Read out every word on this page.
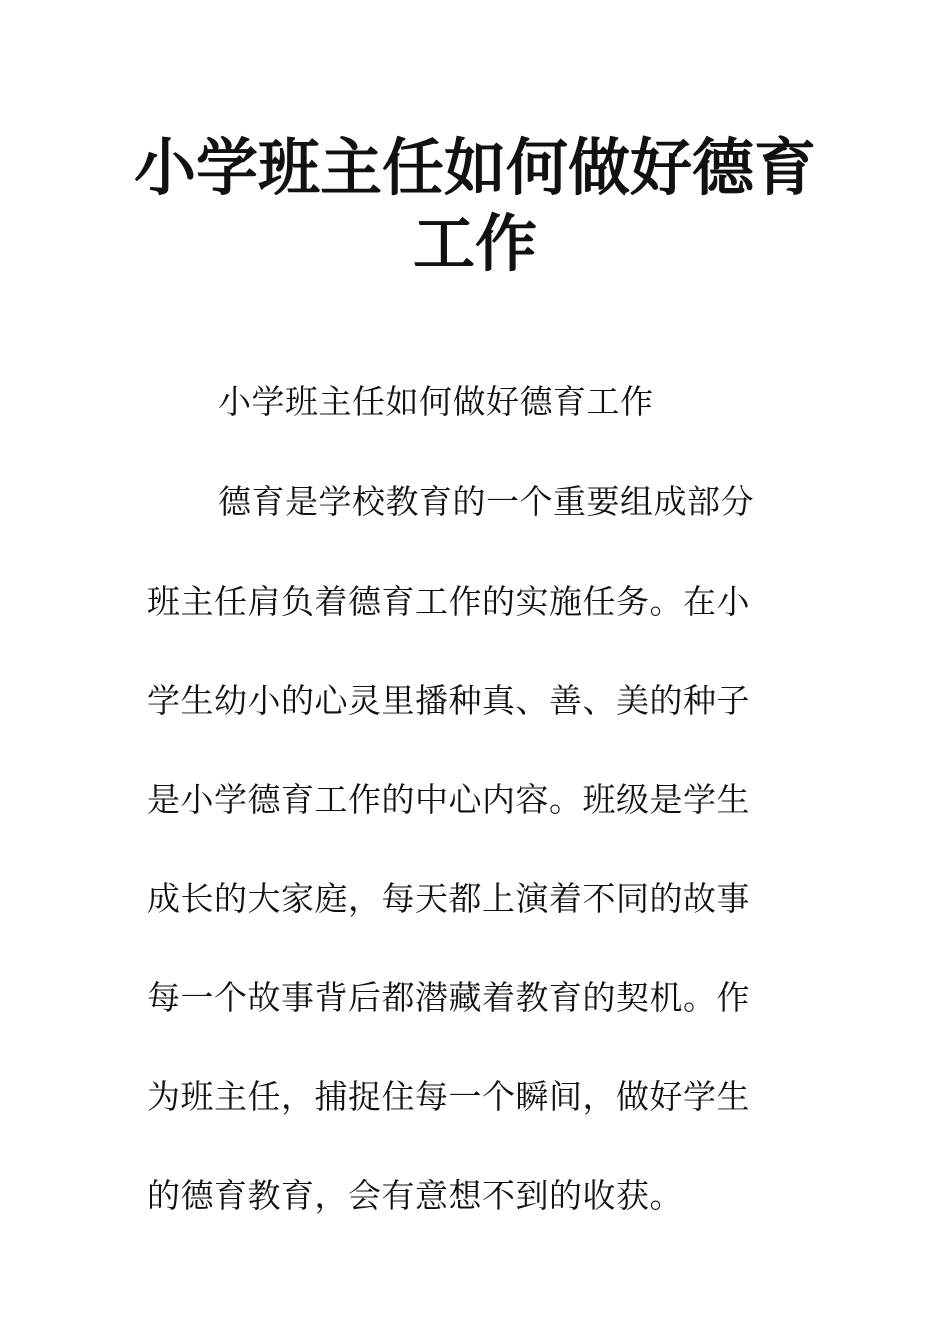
小学班主任如何做好德育
工作

小学班主任如何做好德育工作

德育是学校教育的一个重要组成部分

班主任肩负着德育工作的实施任务。在小

学生幼小的心灵里播种真、善、美的种子

是小学德育工作的中心内容。班级是学生

成长的大家庭，每天都上演着不同的故事

每一个故事背后都潜藏着教育的契机。作

为班主任，捕捉住每一个瞬间，做好学生

的德育教育，会有意想不到的收获。
